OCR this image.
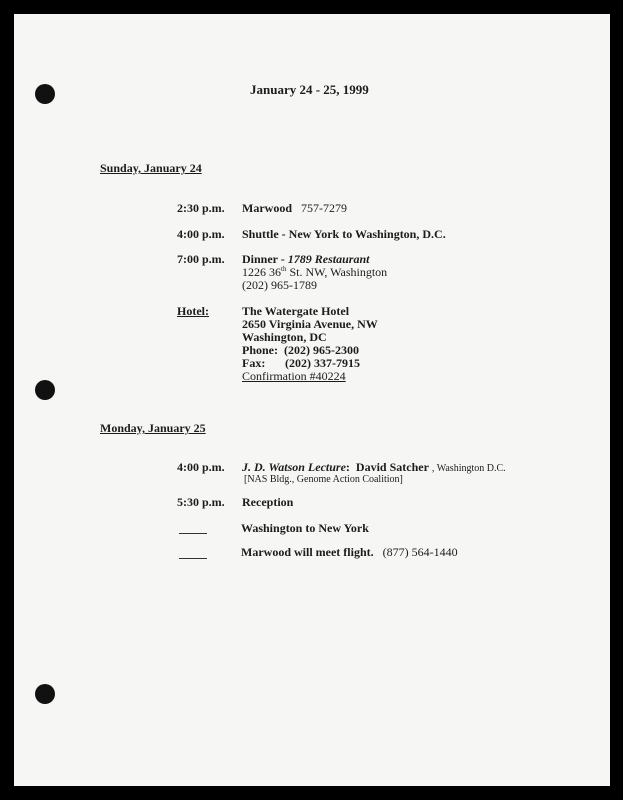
January 24 - 25, 1999
Sunday, January 24
2:30 p.m. Marwood 757-7279
4:00 p.m. Shuttle - New York to Washington, D.C.
7:00 p.m. Dinner - 1789 Restaurant
1226 36th St. NW, Washington
(202) 965-1789
Hotel:	The Watergate Hotel
2650 Virginia Avenue, NW
Washington, DC
Phone: (202) 965-2300
Fax: (202) 337-7915
Confirmation #40224
Monday, January 25
4:00 p.m. J. D. Watson Lecture: David Satcher , Washington D.C.
[NAS Bldg., Genome Action Coalition]
5:30 p.m. Reception
Washington to New York
Marwood will meet flight. (877) 564-1440
